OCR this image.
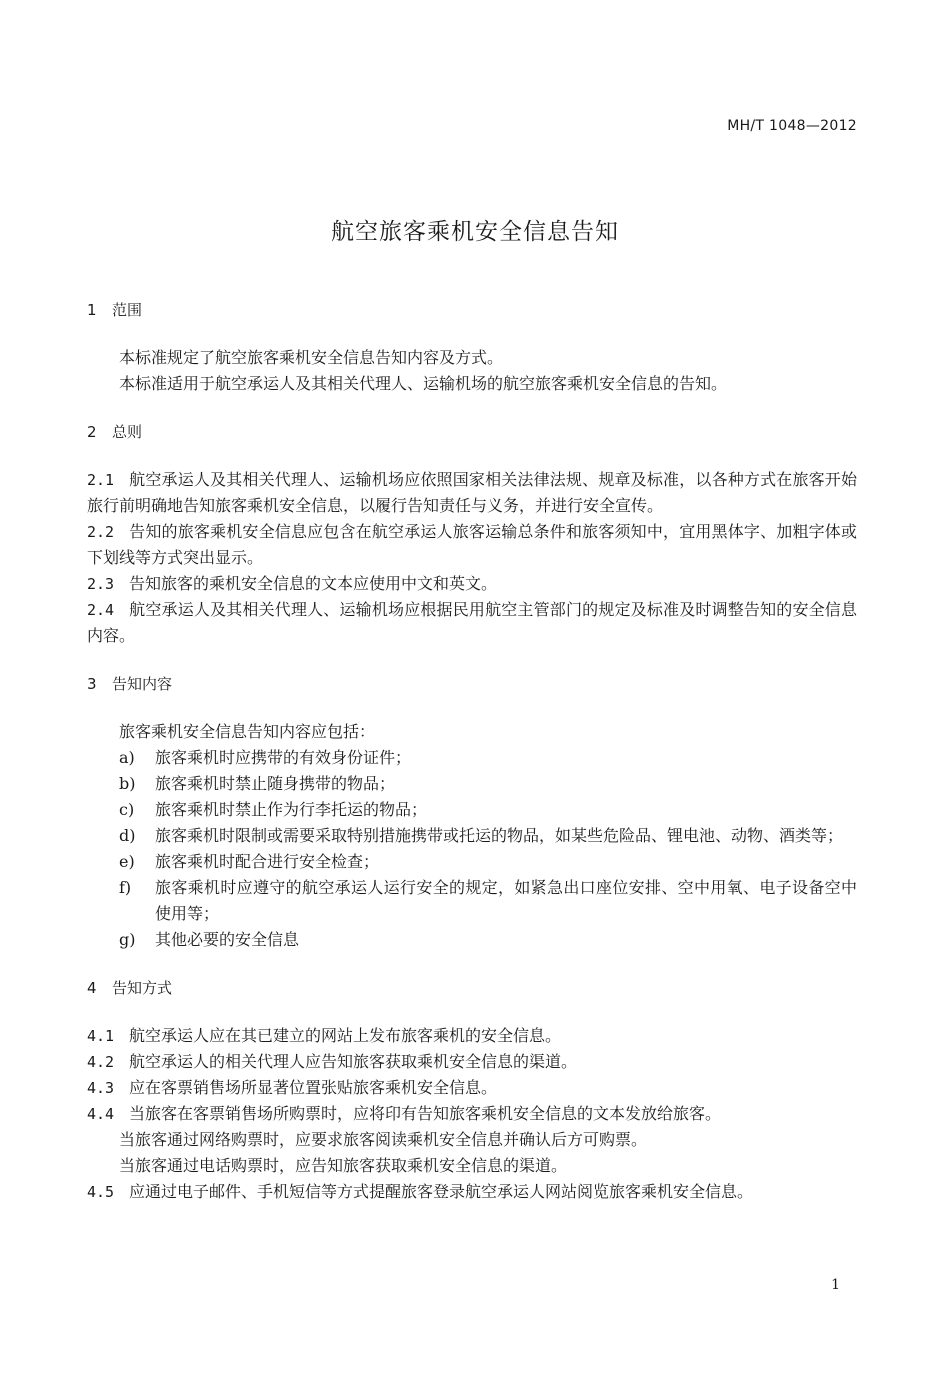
MH/T 1048—2012
航空旅客乘机安全信息告知
1 范围
本标准规定了航空旅客乘机安全信息告知内容及方式。
本标准适用于航空承运人及其相关代理人、运输机场的航空旅客乘机安全信息的告知。
2 总则
2.1 航空承运人及其相关代理人、运输机场应依照国家相关法律法规、规章及标准，以各种方式在旅客开始旅行前明确地告知旅客乘机安全信息，以履行告知责任与义务，并进行安全宣传。
2.2 告知的旅客乘机安全信息应包含在航空承运人旅客运输总条件和旅客须知中，宜用黑体字、加粗字体或下划线等方式突出显示。
2.3 告知旅客的乘机安全信息的文本应使用中文和英文。
2.4 航空承运人及其相关代理人、运输机场应根据民用航空主管部门的规定及标准及时调整告知的安全信息内容。
3 告知内容
旅客乘机安全信息告知内容应包括：
a)	旅客乘机时应携带的有效身份证件；
b)	旅客乘机时禁止随身携带的物品；
c)	旅客乘机时禁止作为行李托运的物品；
d)	旅客乘机时限制或需要采取特别措施携带或托运的物品，如某些危险品、锂电池、动物、酒类等；
e)	旅客乘机时配合进行安全检查；
f)	旅客乘机时应遵守的航空承运人运行安全的规定，如紧急出口座位安排、空中用氧、电子设备空中使用等；
g)	其他必要的安全信息
4 告知方式
4.1 航空承运人应在其已建立的网站上发布旅客乘机的安全信息。
4.2 航空承运人的相关代理人应告知旅客获取乘机安全信息的渠道。
4.3 应在客票销售场所显著位置张贴旅客乘机安全信息。
4.4 当旅客在客票销售场所购票时，应将印有告知旅客乘机安全信息的文本发放给旅客。
当旅客通过网络购票时，应要求旅客阅读乘机安全信息并确认后方可购票。
当旅客通过电话购票时，应告知旅客获取乘机安全信息的渠道。
4.5 应通过电子邮件、手机短信等方式提醒旅客登录航空承运人网站阅览旅客乘机安全信息。
1
